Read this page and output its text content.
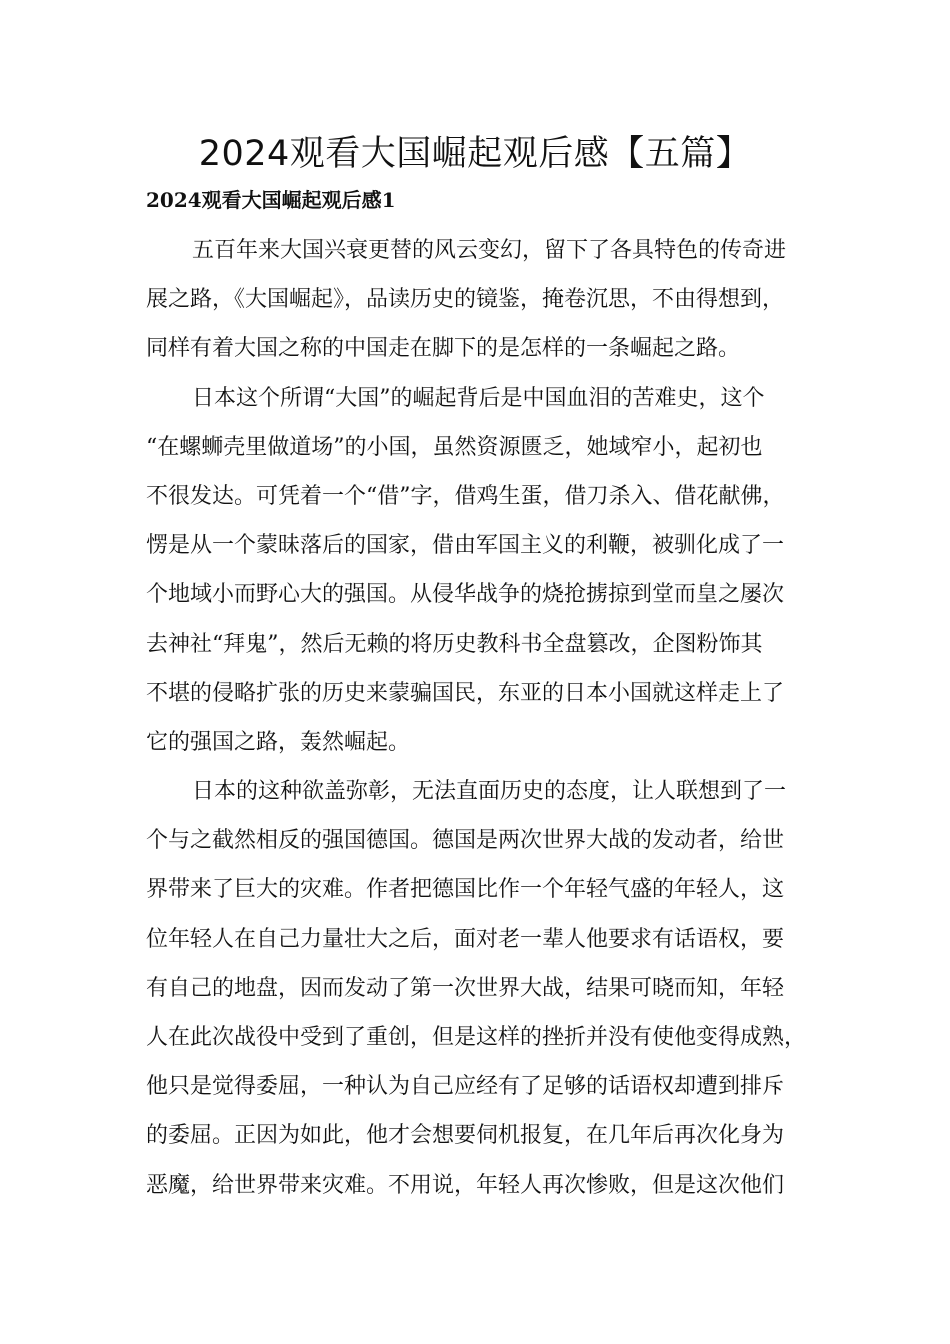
2024观看大国崛起观后感【五篇】
2024观看大国崛起观后感1

五百年来大国兴衰更替的风云变幻，留下了各具特色的传奇进
展之路，《大国崛起》，品读历史的镜鉴，掩卷沉思，不由得想到，
同样有着大国之称的中国走在脚下的是怎样的一条崛起之路。

日本这个所谓“大国”的崛起背后是中国血泪的苦难史，这个
“在螺蛳壳里做道场”的小国，虽然资源匮乏，她域窄小，起初也
不很发达。可凭着一个“借”字，借鸡生蛋，借刀杀入、借花献佛，
愣是从一个蒙昧落后的国家，借由军国主义的利鞭，被驯化成了一
个地域小而野心大的强国。从侵华战争的烧抢掳掠到堂而皇之屡次
去神社“拜鬼”，然后无赖的将历史教科书全盘篡改，企图粉饰其
不堪的侵略扩张的历史来蒙骗国民，东亚的日本小国就这样走上了
它的强国之路，轰然崛起。

日本的这种欲盖弥彰，无法直面历史的态度，让人联想到了一
个与之截然相反的强国德国。德国是两次世界大战的发动者，给世
界带来了巨大的灾难。作者把德国比作一个年轻气盛的年轻人，这
位年轻人在自己力量壮大之后，面对老一辈人他要求有话语权，要
有自己的地盘，因而发动了第一次世界大战，结果可晓而知，年轻
人在此次战役中受到了重创，但是这样的挫折并没有使他变得成熟，
他只是觉得委屈，一种认为自己应经有了足够的话语权却遭到排斥
的委屈。正因为如此，他才会想要伺机报复，在几年后再次化身为
恶魔，给世界带来灾难。不用说，年轻人再次惨败，但是这次他们
